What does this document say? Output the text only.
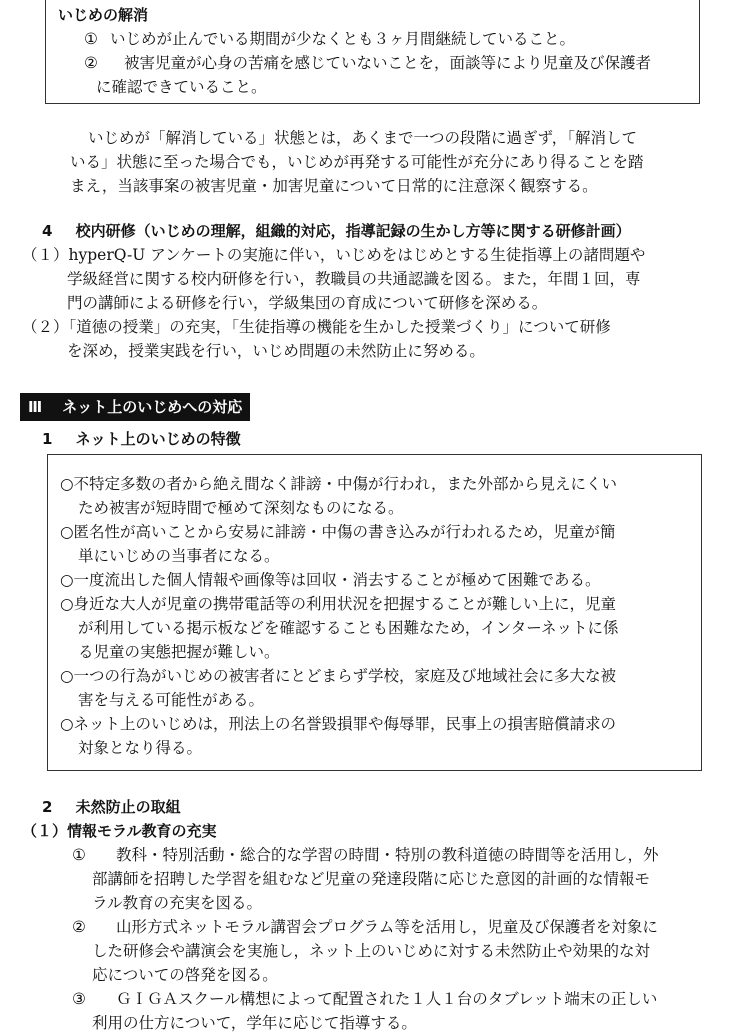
いじめの解消
① いじめが止んでいる期間が少なくとも３ヶ月間継続していること。
②	被害児童が心身の苦痛を感じていないことを，面談等により児童及び保護者
に確認できていること。
いじめが「解消している」状態とは，あくまで一つの段階に過ぎず，「解消して
いる」状態に至った場合でも，いじめが再発する可能性が充分にあり得ることを踏
まえ，当該事案の被害児童・加害児童について日常的に注意深く観察する。
4 校内研修（いじめの理解，組織的対応，指導記録の生かし方等に関する研修計画）
（１）hyperQ-U アンケートの実施に伴い，いじめをはじめとする生徒指導上の諸問題や
学級経営に関する校内研修を行い，教職員の共通認識を図る。また，年間１回，専
門の講師による研修を行い，学級集団の育成について研修を深める。
（２）「道徳の授業」の充実，「生徒指導の機能を生かした授業づくり」について研修
を深め，授業実践を行い，いじめ問題の未然防止に努める。
Ⅲ ネット上のいじめへの対応
1 ネット上のいじめの特徴
○不特定多数の者から絶え間なく誹謗・中傷が行われ，また外部から見えにくい
ため被害が短時間で極めて深刻なものになる。
○匿名性が高いことから安易に誹謗・中傷の書き込みが行われるため，児童が簡
単にいじめの当事者になる。
○一度流出した個人情報や画像等は回収・消去することが極めて困難である。
○身近な大人が児童の携帯電話等の利用状況を把握することが難しい上に，児童
が利用している掲示板などを確認することも困難なため，インターネットに係
る児童の実態把握が難しい。
○一つの行為がいじめの被害者にとどまらず学校，家庭及び地域社会に多大な被
害を与える可能性がある。
○ネット上のいじめは，刑法上の名誉毀損罪や侮辱罪，民事上の損害賠償請求の
対象となり得る。
2 未然防止の取組
（１）情報モラル教育の充実
①	教科・特別活動・総合的な学習の時間・特別の教科道徳の時間等を活用し，外
部講師を招聘した学習を組むなど児童の発達段階に応じた意図的計画的な情報モ
ラル教育の充実を図る。
②	山形方式ネットモラル講習会プログラム等を活用し，児童及び保護者を対象に
した研修会や講演会を実施し，ネット上のいじめに対する未然防止や効果的な対
応についての啓発を図る。
③	ＧＩＧＡスクール構想によって配置された１人１台のタブレット端末の正しい
利用の仕方について，学年に応じて指導する。
